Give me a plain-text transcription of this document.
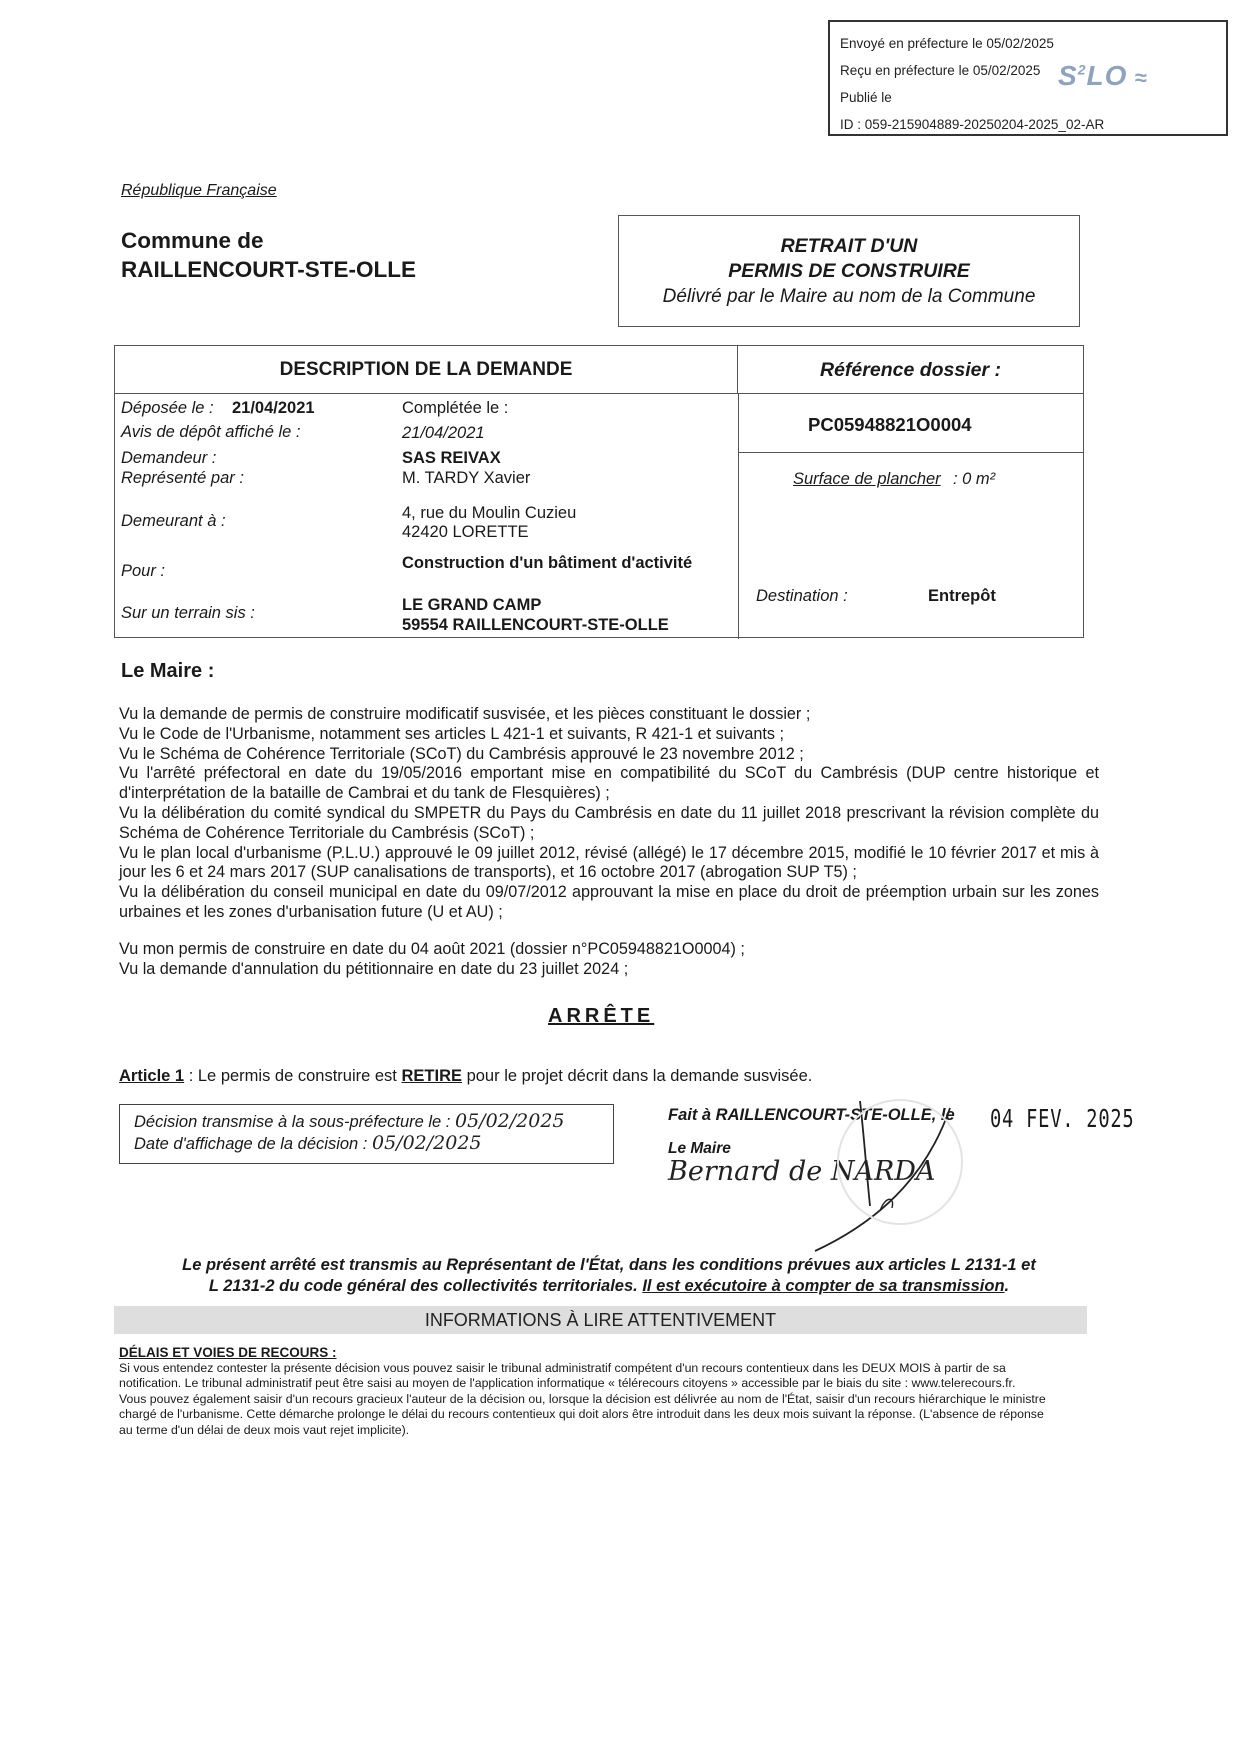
Envoyé en préfecture le 05/02/2025
Reçu en préfecture le 05/02/2025
Publié le
ID : 059-215904889-20250204-2025_02-AR
$S^2LO$ ≈
République Française
Commune de
RAILLENCOURT-STE-OLLE
RETRAIT D'UN
PERMIS DE CONSTRUIRE
Délivré par le Maire au nom de la Commune
DESCRIPTION DE LA DEMANDE	Référence dossier :
Déposée le : 21/04/2021	Complétée le :
Avis de dépôt affiché le :	21/04/2021
Demandeur :	SAS REIVAX
Représenté par :	M. TARDY Xavier
Demeurant à :	4, rue du Moulin Cuzieu
42420 LORETTE
Pour :	Construction d'un bâtiment d'activité
Sur un terrain sis :	LE GRAND CAMP
59554 RAILLENCOURT-STE-OLLE
PC05948821O0004
Surface de plancher : 0 m²
Destination :	Entrepôt
Le Maire :

Vu la demande de permis de construire modificatif susvisée, et les pièces constituant le dossier ;

Vu le Code de l'Urbanisme, notamment ses articles L 421-1 et suivants, R 421-1 et suivants ;

Vu le Schéma de Cohérence Territoriale (SCoT) du Cambrésis approuvé le 23 novembre 2012 ;

Vu l'arrêté préfectoral en date du 19/05/2016 emportant mise en compatibilité du SCoT du Cambrésis (DUP centre historique et d'interprétation de la bataille de Cambrai et du tank de Flesquières) ;

Vu la délibération du comité syndical du SMPETR du Pays du Cambrésis en date du 11 juillet 2018 prescrivant la révision complète du Schéma de Cohérence Territoriale du Cambrésis (SCoT) ;

Vu le plan local d'urbanisme (P.L.U.) approuvé le 09 juillet 2012, révisé (allégé) le 17 décembre 2015, modifié le 10 février 2017 et mis à jour les 6 et 24 mars 2017 (SUP canalisations de transports), et 16 octobre 2017 (abrogation SUP T5) ;

Vu la délibération du conseil municipal en date du 09/07/2012 approuvant la mise en place du droit de préemption urbain sur les zones urbaines et les zones d'urbanisation future (U et AU) ;

Vu mon permis de construire en date du 04 août 2021 (dossier n°PC05948821O0004) ;

Vu la demande d'annulation du pétitionnaire en date du 23 juillet 2024 ;

ARRÊTE
Article 1 : Le permis de construire est RETIRE pour le projet décrit dans la demande susvisée.
Décision transmise à la sous-préfecture le : 05/02/2025
Date d'affichage de la décision : 05/02/2025
Fait à RAILLENCOURT-STE-OLLE, le 04 FEV. 2025
Le Maire
Bernard de NARDA
Le présent arrêté est transmis au Représentant de l'État, dans les conditions prévues aux articles L 2131-1 et
L 2131-2 du code général des collectivités territoriales. Il est exécutoire à compter de sa transmission.
INFORMATIONS À LIRE ATTENTIVEMENT
DÉLAIS ET VOIES DE RECOURS :
Si vous entendez contester la présente décision vous pouvez saisir le tribunal administratif compétent d'un recours contentieux dans les DEUX MOIS à partir de sa notification. Le tribunal administratif peut être saisi au moyen de l'application informatique « télérecours citoyens » accessible par le biais du site : www.telerecours.fr.
Vous pouvez également saisir d'un recours gracieux l'auteur de la décision ou, lorsque la décision est délivrée au nom de l'État, saisir d'un recours hiérarchique le ministre chargé de l'urbanisme. Cette démarche prolonge le délai du recours contentieux qui doit alors être introduit dans les deux mois suivant la réponse. (L'absence de réponse au terme d'un délai de deux mois vaut rejet implicite).
